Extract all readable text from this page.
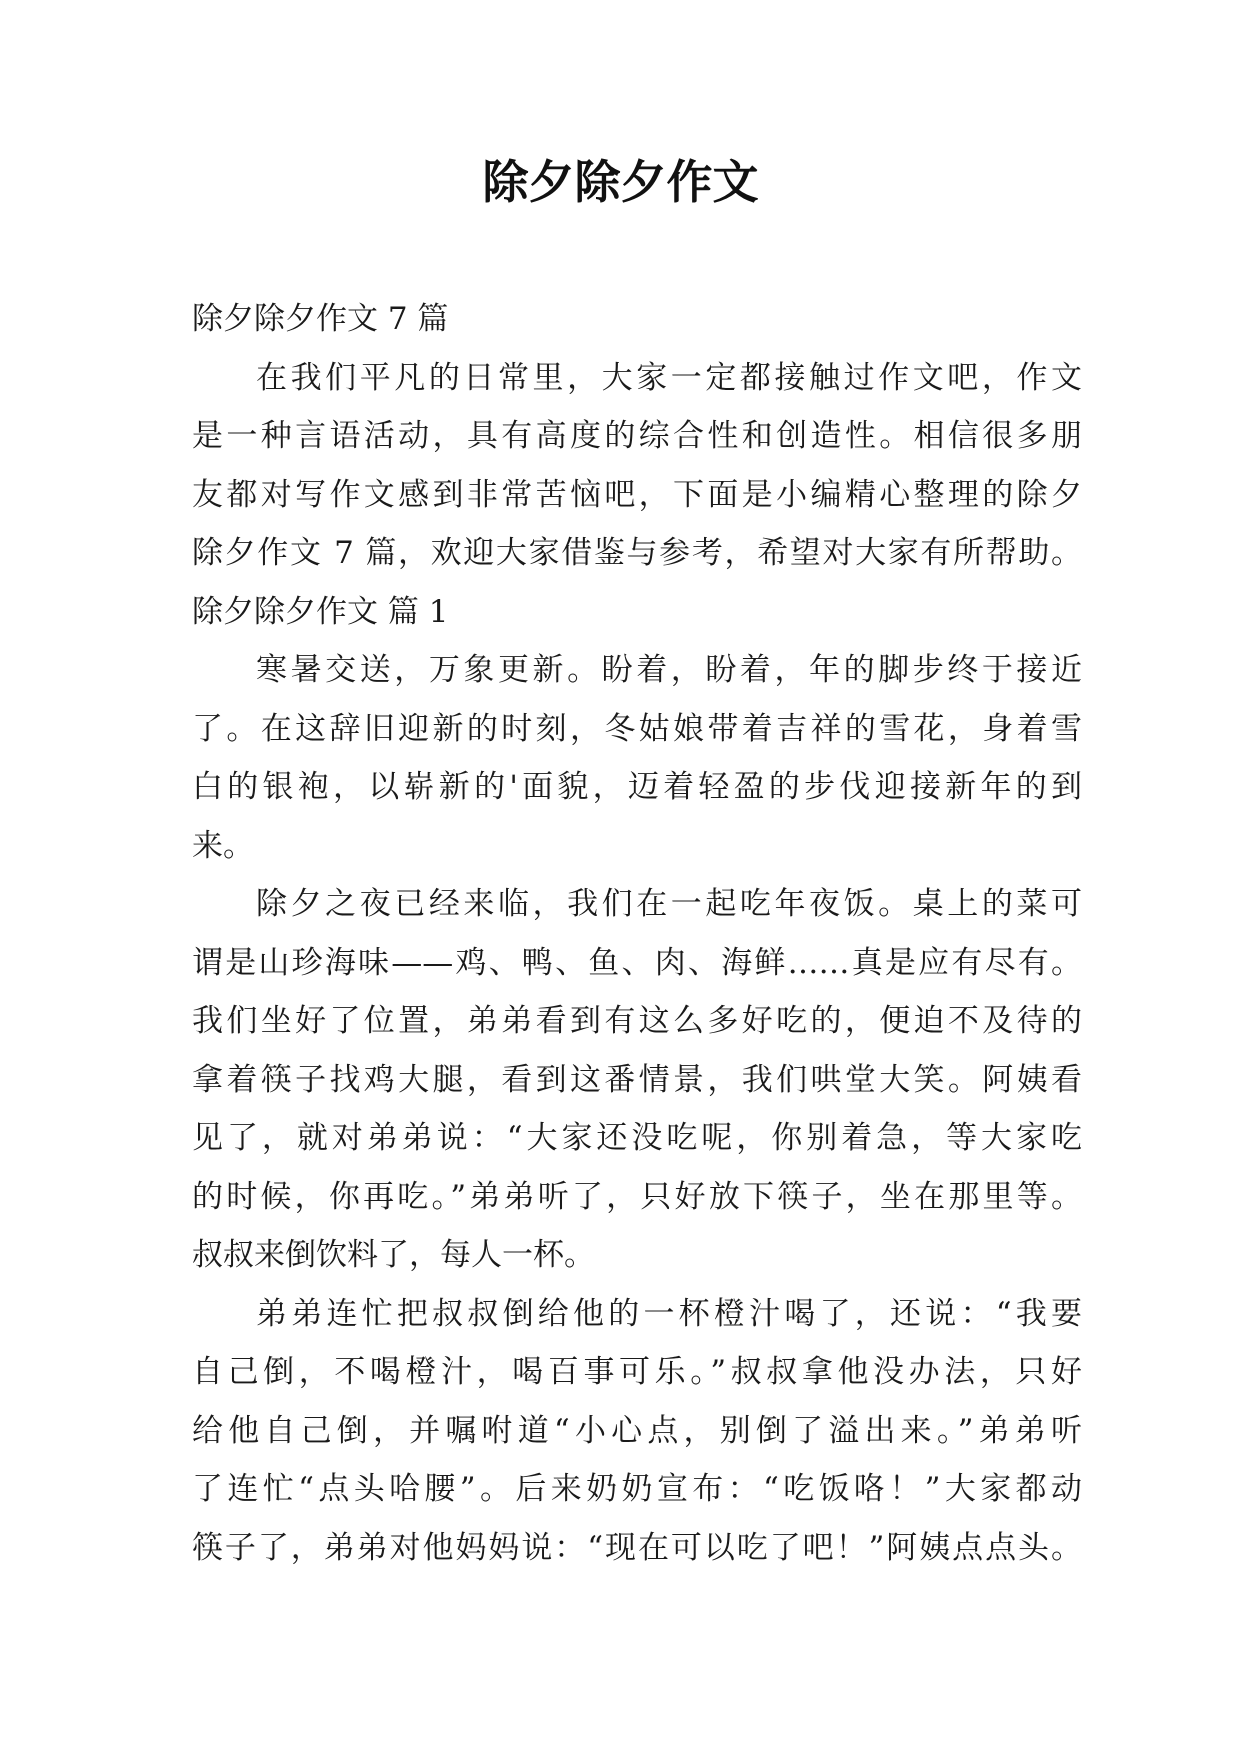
除夕除夕作文
除夕除夕作文 7 篇
在我们平凡的日常里，大家一定都接触过作文吧，作文
是一种言语活动，具有高度的综合性和创造性。相信很多朋
友都对写作文感到非常苦恼吧，下面是小编精心整理的除夕
除夕作文 7 篇，欢迎大家借鉴与参考，希望对大家有所帮助。
除夕除夕作文 篇 1
寒暑交送，万象更新。盼着，盼着，年的脚步终于接近
了。在这辞旧迎新的时刻，冬姑娘带着吉祥的雪花，身着雪
白的银袍，以崭新的'面貌，迈着轻盈的步伐迎接新年的到
来。
除夕之夜已经来临，我们在一起吃年夜饭。桌上的菜可
谓是山珍海味——鸡、鸭、鱼、肉、海鲜……真是应有尽有。
我们坐好了位置，弟弟看到有这么多好吃的，便迫不及待的
拿着筷子找鸡大腿，看到这番情景，我们哄堂大笑。阿姨看
见了，就对弟弟说：“大家还没吃呢，你别着急，等大家吃
的时候，你再吃。”弟弟听了，只好放下筷子，坐在那里等。
叔叔来倒饮料了，每人一杯。
弟弟连忙把叔叔倒给他的一杯橙汁喝了，还说：“我要
自己倒，不喝橙汁，喝百事可乐。”叔叔拿他没办法，只好
给他自己倒，并嘱咐道“小心点，别倒了溢出来。”弟弟听
了连忙“点头哈腰”。后来奶奶宣布：“吃饭咯！”大家都动
筷子了，弟弟对他妈妈说：“现在可以吃了吧！”阿姨点点头。
